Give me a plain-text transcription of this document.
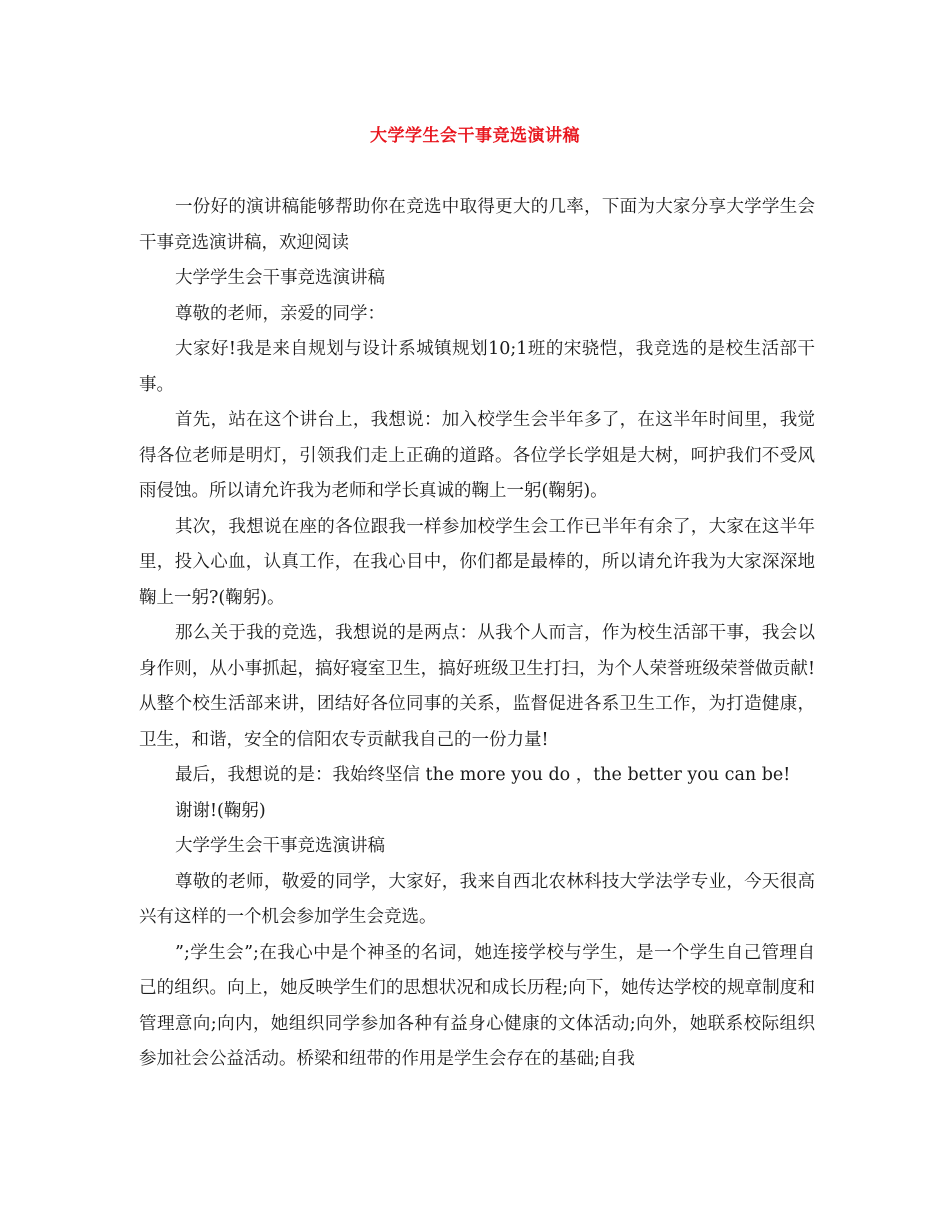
大学学生会干事竞选演讲稿

一份好的演讲稿能够帮助你在竞选中取得更大的几率，下面为大家分享大学学生会干事竞选演讲稿，欢迎阅读

大学学生会干事竞选演讲稿

尊敬的老师，亲爱的同学：

大家好!我是来自规划与设计系城镇规划10;1班的宋骁恺，我竞选的是校生活部干事。

首先，站在这个讲台上，我想说：加入校学生会半年多了，在这半年时间里，我觉得各位老师是明灯，引领我们走上正确的道路。各位学长学姐是大树，呵护我们不受风雨侵蚀。所以请允许我为老师和学长真诚的鞠上一躬(鞠躬)。

其次，我想说在座的各位跟我一样参加校学生会工作已半年有余了，大家在这半年里，投入心血，认真工作，在我心目中，你们都是最棒的，所以请允许我为大家深深地鞠上一躬?(鞠躬)。

那么关于我的竞选，我想说的是两点：从我个人而言，作为校生活部干事，我会以身作则，从小事抓起，搞好寝室卫生，搞好班级卫生打扫，为个人荣誉班级荣誉做贡献!从整个校生活部来讲，团结好各位同事的关系，监督促进各系卫生工作，为打造健康，卫生，和谐，安全的信阳农专贡献我自己的一份力量!

最后，我想说的是：我始终坚信 the more you do ，the better you can be!

谢谢!(鞠躬)

大学学生会干事竞选演讲稿

尊敬的老师，敬爱的同学，大家好，我来自西北农林科技大学法学专业，今天很高兴有这样的一个机会参加学生会竞选。

”;学生会”;在我心中是个神圣的名词，她连接学校与学生，是一个学生自己管理自己的组织。向上，她反映学生们的思想状况和成长历程;向下，她传达学校的规章制度和管理意向;向内，她组织同学参加各种有益身心健康的文体活动;向外，她联系校际组织参加社会公益活动。桥梁和纽带的作用是学生会存在的基础;自我
